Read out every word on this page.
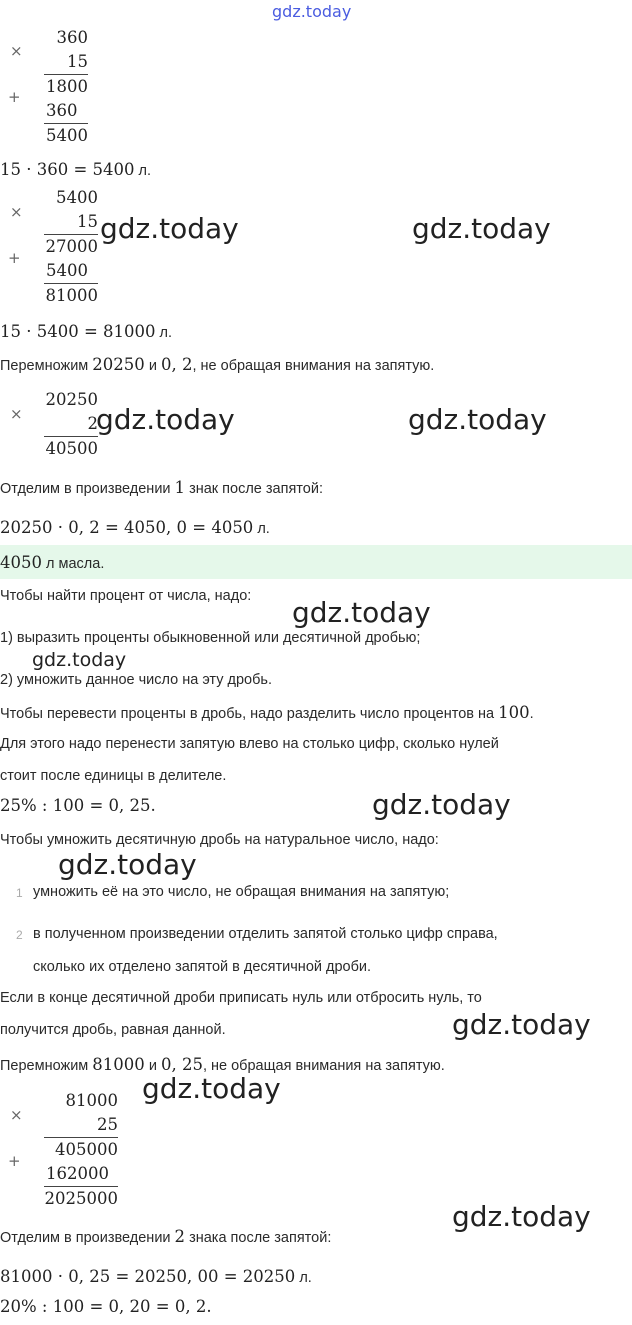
gdz.today
×
+
360
15
1800
360
5400
15 · 360 = 5400 л.
×
+
5400
15
27000
5400
81000
gdz.today	gdz.today
15 · 5400 = 81000 л.
Перемножим 20250 и 0, 2, не обращая внимания на запятую.
×
20250
2
40500
gdz.today	gdz.today
Отделим в произведении 1 знак после запятой:
20250 · 0, 2 = 4050, 0 = 4050 л.
4050 л масла.
Чтобы найти процент от числа, надо: gdz.today
1) выразить проценты обыкновенной или десятичной дробью;
gdz.today
2) умножить данное число на эту дробь.
Чтобы перевести проценты в дробь, надо разделить число процентов на 100.
Для этого надо перенести запятую влево на столько цифр, сколько нулей
стоит после единицы в делителе.
25% : 100 = 0, 25.	gdz.today
Чтобы умножить десятичную дробь на натуральное число, надо:
gdz.today
1 умножить её на это число, не обращая внимания на запятую;
2 в полученном произведении отделить запятой столько цифр справа,
сколько их отделено запятой в десятичной дроби.
Если в конце десятичной дроби приписать нуль или отбросить нуль, то
получится дробь, равная данной.	gdz.today
Перемножим 81000 и 0, 25, не обращая внимания на запятую.
×
+
81000
25
405000
162000
2025000
gdz.today
Отделим в произведении 2 знака после запятой:
gdz.today
81000 · 0, 25 = 20250, 00 = 20250 л.
20% : 100 = 0, 20 = 0, 2.
